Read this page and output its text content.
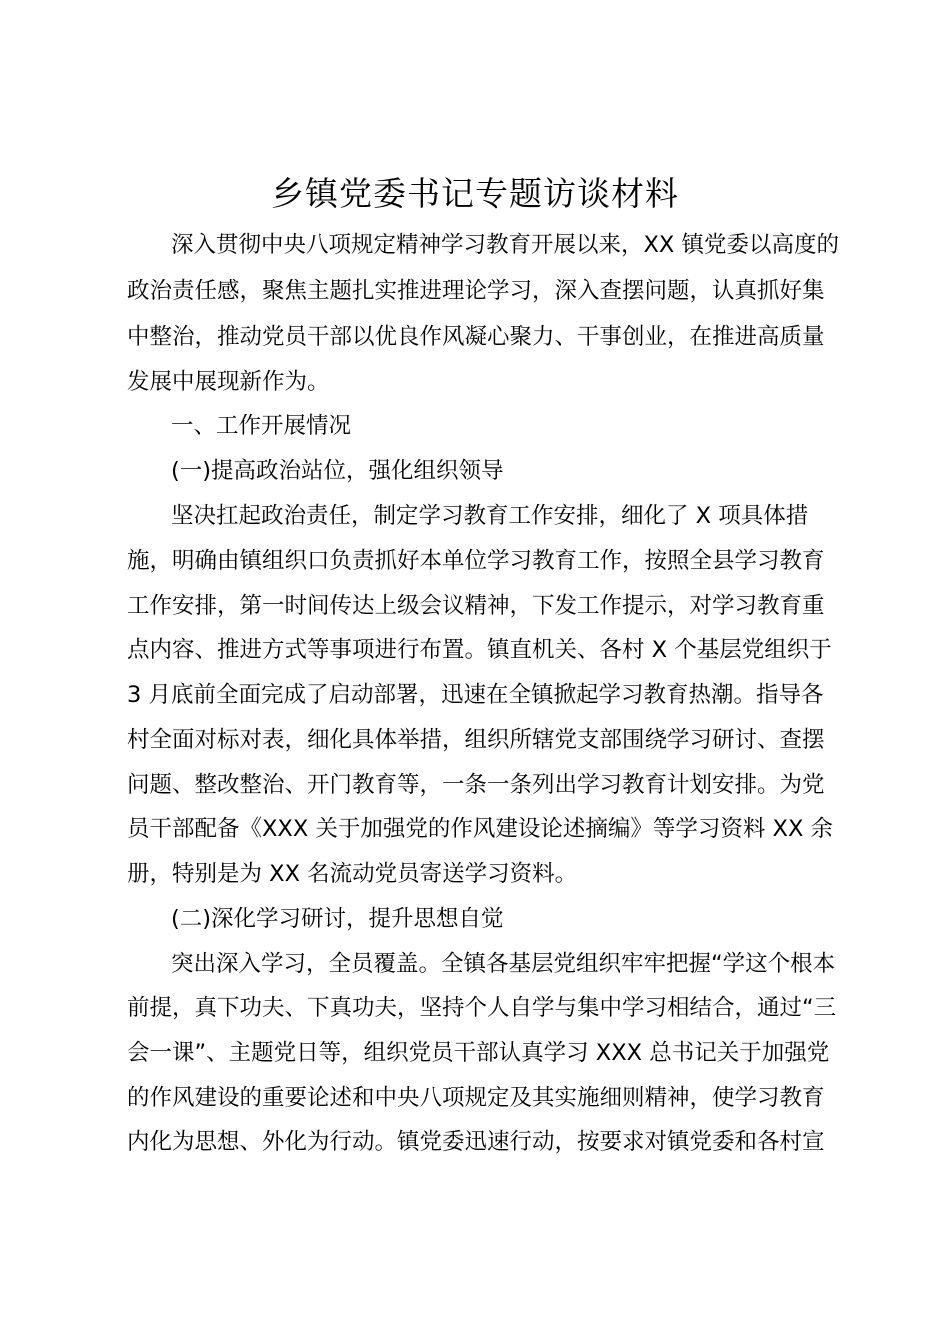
乡镇党委书记专题访谈材料
深入贯彻中央八项规定精神学习教育开展以来，XX 镇党委以高度的
政治责任感，聚焦主题扎实推进理论学习，深入查摆问题，认真抓好集
中整治，推动党员干部以优良作风凝心聚力、干事创业，在推进高质量
发展中展现新作为。
一、工作开展情况
(一)提高政治站位，强化组织领导
坚决扛起政治责任，制定学习教育工作安排，细化了 X 项具体措
施，明确由镇组织口负责抓好本单位学习教育工作，按照全县学习教育
工作安排，第一时间传达上级会议精神，下发工作提示，对学习教育重
点内容、推进方式等事项进行布置。镇直机关、各村 X 个基层党组织于
3 月底前全面完成了启动部署，迅速在全镇掀起学习教育热潮。指导各
村全面对标对表，细化具体举措，组织所辖党支部围绕学习研讨、查摆
问题、整改整治、开门教育等，一条一条列出学习教育计划安排。为党
员干部配备《XXX 关于加强党的作风建设论述摘编》等学习资料 XX 余
册，特别是为 XX 名流动党员寄送学习资料。
(二)深化学习研讨，提升思想自觉
突出深入学习，全员覆盖。全镇各基层党组织牢牢把握“学这个根本
前提，真下功夫、下真功夫，坚持个人自学与集中学习相结合，通过“三
会一课”、主题党日等，组织党员干部认真学习 XXX 总书记关于加强党
的作风建设的重要论述和中央八项规定及其实施细则精神，使学习教育
内化为思想、外化为行动。镇党委迅速行动，按要求对镇党委和各村宣
